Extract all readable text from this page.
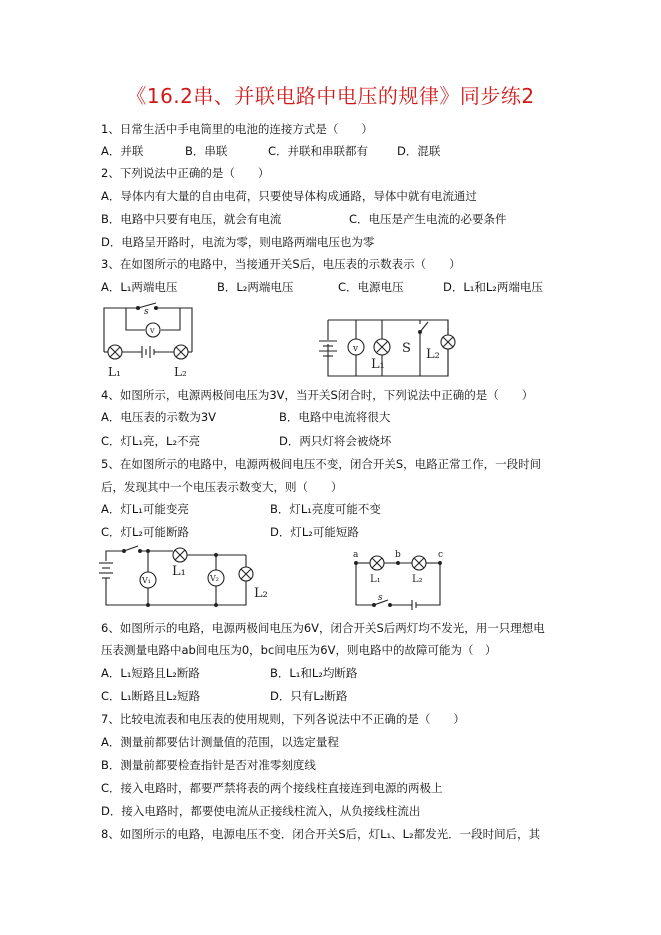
《16.2串、并联电路中电压的规律》同步练2
1、日常生活中手电筒里的电池的连接方式是（　　）
A．并联	B．串联	C．并联和串联都有	D．混联
2、下列说法中正确的是（　　）
A．导体内有大量的自由电荷，只要使导体构成通路，导体中就有电流通过
B．电路中只要有电压，就会有电流	C．电压是产生电流的必要条件
D．电路呈开路时，电流为零，则电路两端电压也为零
3、在如图所示的电路中，当接通开关S后，电压表的示数表示（　　）
A．L₁两端电压	B．L₂两端电压	C．电源电压	D．L₁和L₂两端电压
s
v
L₁	L₂
v
L₁
S L₂
4、如图所示，电源两极间电压为3V，当开关S闭合时，下列说法中正确的是（　　）
A．电压表的示数为3V	B．电路中电流将很大
C．灯L₁亮，L₂不亮	D．两只灯将会被烧坏
5、在如图所示的电路中，电源两极间电压不变，闭合开关S，电路正常工作，一段时间
后，发现其中一个电压表示数变大，则（　　）
A．灯L₁可能变亮	B．灯L₁亮度可能不变
C．灯L₂可能断路	D．灯L₂可能短路
V₁	V₂
L₁
L₂
a	b	c
L₁	L₂
s
6、如图所示的电路，电源两极间电压为6V，闭合开关S后两灯均不发光，用一只理想电
压表测量电路中ab间电压为0，bc间电压为6V，则电路中的故障可能为（　）
A．L₁短路且L₂断路	B．L₁和L₂均断路
C．L₁断路且L₂短路	D．只有L₂断路
7、比较电流表和电压表的使用规则，下列各说法中不正确的是（　　）
A．测量前都要估计测量值的范围，以选定量程
B．测量前都要检查指针是否对准零刻度线
C．接入电路时，都要严禁将表的两个接线柱直接连到电源的两极上
D．接入电路时，都要使电流从正接线柱流入，从负接线柱流出
8、如图所示的电路，电源电压不变．闭合开关S后，灯L₁、L₂都发光．一段时间后，其
